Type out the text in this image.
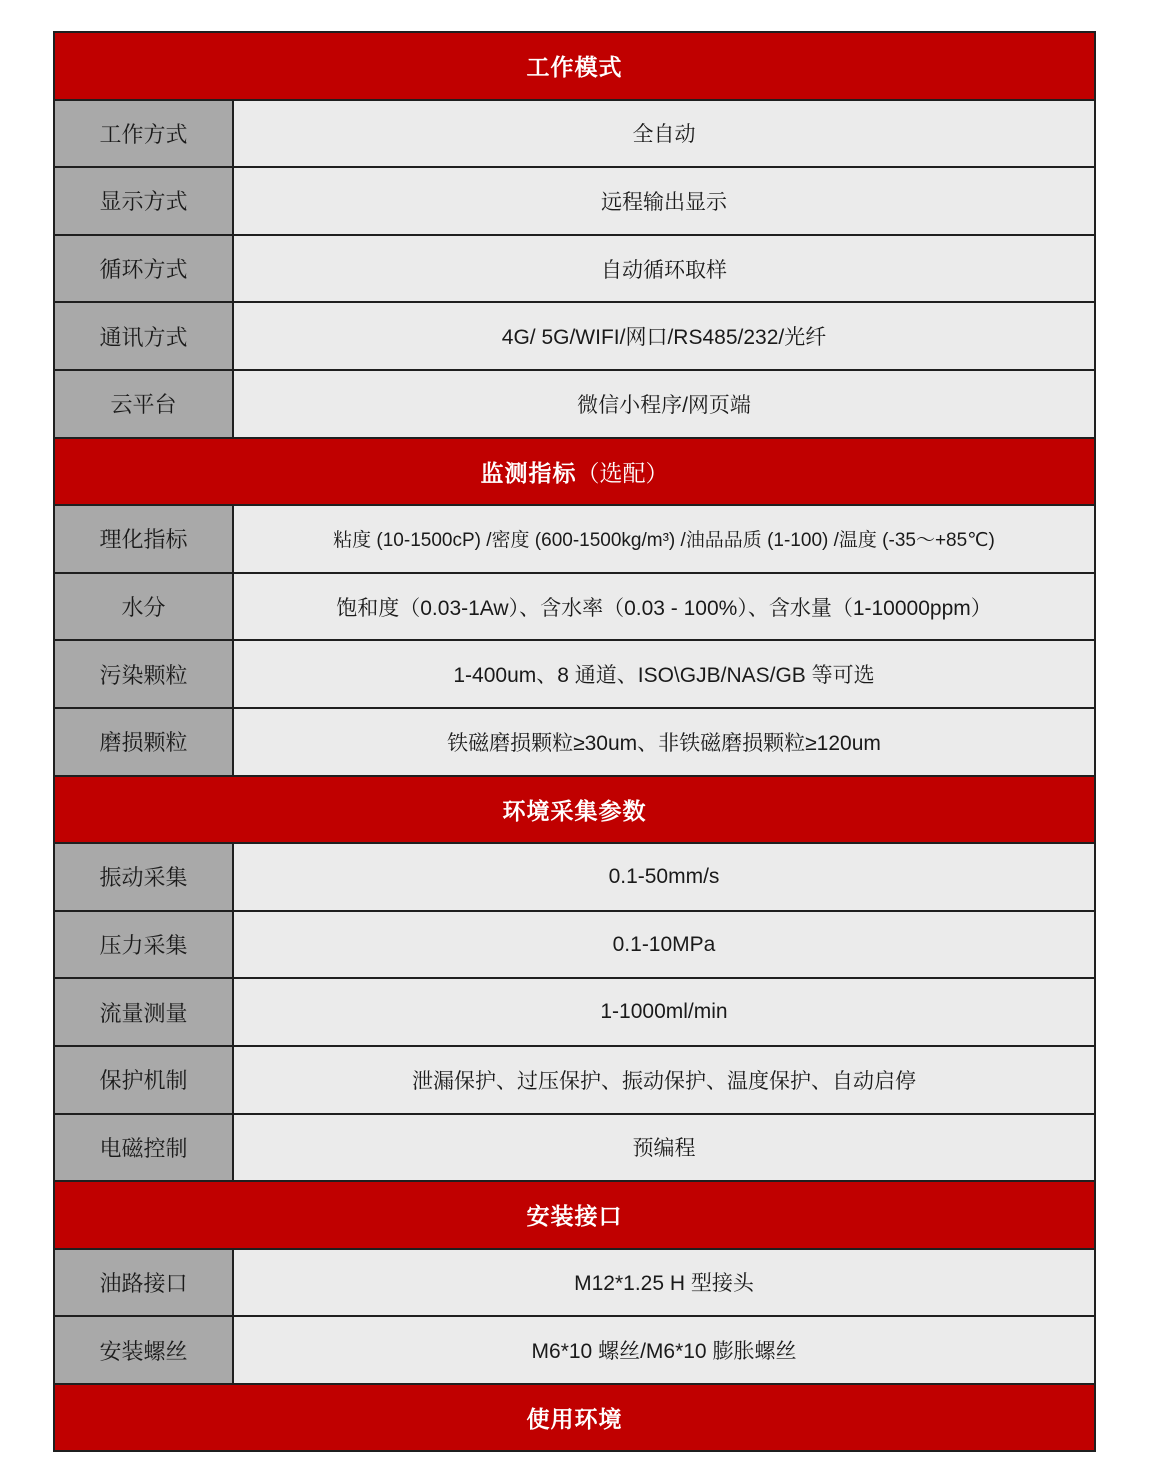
工作模式	
工作方式	全自动
显示方式	远程输出显示
循环方式	自动循环取样
通讯方式	4G/ 5G/WIFI/网口/RS485/232/光纤
云平台	微信小程序/网页端
监测指标（选配）	
理化指标	粘度 (10-1500cP) /密度 (600-1500kg/m³) /油品品质 (1-100) /温度 (-35～+85℃)
水分	饱和度（0.03-1Aw）、含水率（0.03 - 100%）、含水量（1-10000ppm）
污染颗粒	1-400um、8 通道、ISO\GJB/NAS/GB 等可选
磨损颗粒	铁磁磨损颗粒≥30um、非铁磁磨损颗粒≥120um
环境采集参数	
振动采集	0.1-50mm/s
压力采集	0.1-10MPa
流量测量	1-1000ml/min
保护机制	泄漏保护、过压保护、振动保护、温度保护、自动启停
电磁控制	预编程
安装接口	
油路接口	M12*1.25 H 型接头
安装螺丝	M6*10 螺丝/M6*10 膨胀螺丝
使用环境	
